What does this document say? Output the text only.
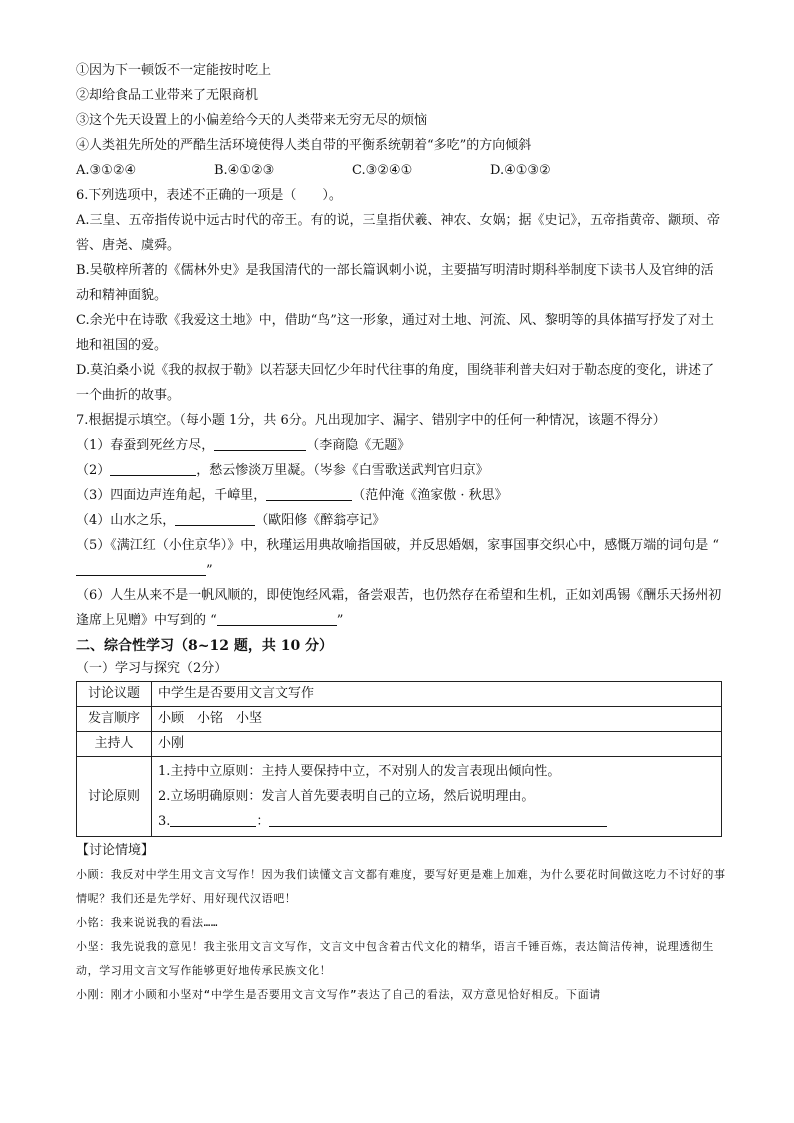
①因为下一顿饭不一定能按时吃上
②却给食品工业带来了无限商机
③这个先天设置上的小偏差给今天的人类带来无穷无尽的烦恼
④人类祖先所处的严酷生活环境使得人类自带的平衡系统朝着“多吃”的方向倾斜
A.③①②④	B.④①②③	C.③②④①	D.④①③②
6.下列选项中，表述不正确的一项是（　　）。
A.三皇、五帝指传说中远古时代的帝王。有的说，三皇指伏羲、神农、女娲；据《史记》，五帝指黄帝、颛顼、帝喾、唐尧、虞舜。
B.吴敬梓所著的《儒林外史》是我国清代的一部长篇讽刺小说，主要描写明清时期科举制度下读书人及官绅的活动和精神面貌。
C.余光中在诗歌《我爱这土地》中，借助“鸟”这一形象，通过对土地、河流、风、黎明等的具体描写抒发了对土地和祖国的爱。
D.莫泊桑小说《我的叔叔于勒》以若瑟夫回忆少年时代往事的角度，围绕菲利普夫妇对于勒态度的变化，讲述了一个曲折的故事。
7.根据提示填空。（每小题 1分，共 6分。凡出现加字、漏字、错别字中的任何一种情况，该题不得分）
（1）春蚕到死丝方尽，	（李商隐《无题》
（2）	，愁云惨淡万里凝。（岑参《白雪歌送武判官归京》
（3）四面边声连角起，千嶂里，	（范仲淹《渔家傲 · 秋思》
（4）山水之乐，	（歐阳修《醉翁亭记》
（5）《满江红（小住京华）》中，秋瑾运用典故喻指国破，并反思婚姻，家事国事交织心中，感慨万端的词句是 “”
（6）人生从来不是一帆风顺的，即使饱经风霜，备尝艰苦，也仍然存在希望和生机，正如刘禹锡《酬乐天扬州初逢席上见赠》中写到的 “	”
二、综合性学习（8~12 题，共 10 分）
（一）学习与探究（2分）
讨论议题	中学生是否要用文言文写作
发言顺序	小顾　小铭　小坚
主持人	小刚
讨论原则	1.主持中立原则：主持人要保持中立，不对别人的发言表现出倾向性。
2.立场明确原则：发言人首先要表明自己的立场，然后说明理由。
3. ：
【讨论情境】
小顾：我反对中学生用文言文写作！因为我们读懂文言文都有难度，要写好更是难上加难，为什么要花时间做这吃力不讨好的事情呢？我们还是先学好、用好现代汉语吧！
小铭：我来说说我的看法……
小坚：我先说我的意见！我主张用文言文写作，文言文中包含着古代文化的精华，语言千锤百炼，表达简洁传神，说理透彻生动，学习用文言文写作能够更好地传承民族文化！
小刚：刚才小顾和小坚对“中学生是否要用文言文写作”表达了自己的看法，双方意见恰好相反。下面请
